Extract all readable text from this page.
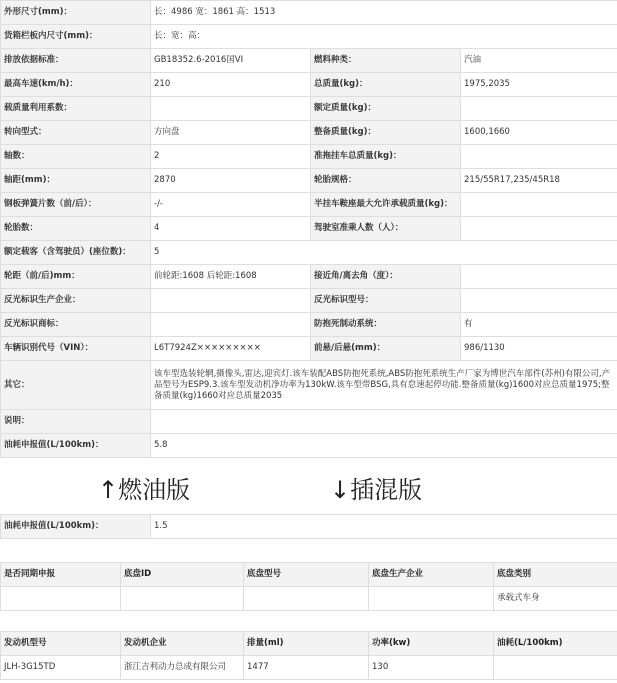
外形尺寸(mm)：	长：4986 宽：1861 高：1513		
货箱栏板内尺寸(mm)：	长：宽：高：		
排放依据标准：	GB18352.6-2016国VI	燃料种类：	汽油
最高车速(km/h)：	210	总质量(kg)：	1975,2035
载质量利用系数：		额定质量(kg)：	
转向型式：	方向盘	整备质量(kg)：	1600,1660
轴数：	2	准拖挂车总质量(kg)：	
轴距(mm)：	2870	轮胎规格：	215/55R17,235/45R18
钢板弹簧片数（前/后）：	-/-	半挂车鞍座最大允许承载质量(kg)：	
轮胎数：	4	驾驶室准乘人数（人）：	
额定载客（含驾驶员）(座位数)：	5		
轮距（前/后)mm：	前轮距:1608 后轮距:1608	接近角/离去角（度）：	
反光标识生产企业：		反光标识型号：	
反光标识商标：		防抱死制动系统：	有
车辆识别代号（VIN）：	L6T7924Z×××××××××	前悬/后悬(mm)：	986/1130
其它：	该车型选装轮辋,摄像头,雷达,迎宾灯.该车装配ABS防抱死系统,ABS防抱死系统生产厂家为博世汽车部件(苏州)有限公司,产品型号为ESP9.3.该车型发动机净功率为130kW.该车型带BSG,具有怠速起停功能.整备质量(kg)1600对应总质量1975;整备质量(kg)1660对应总质量2035		
说明：			
油耗申报值(L/100km)：	5.8		
↑燃油版	↓插混版
油耗申报值(L/100km)：	1.5
是否同期申报	底盘ID	底盘型号	底盘生产企业	底盘类别
				承载式车身
发动机型号	发动机企业	排量(ml)	功率(kw)	油耗(L/100km)
JLH-3G15TD	浙江吉利动力总成有限公司	1477	130	
